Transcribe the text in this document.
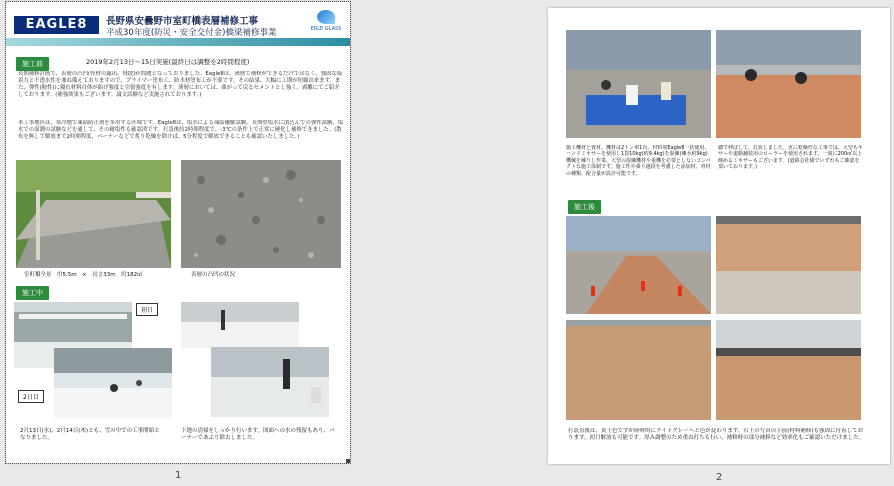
EAGLE8	ERLE GLASS
長野県安曇野市室町橋表層補修工事
平成30年度(防災・安全交付金)橋梁補修事業
施工前	2019年2月13日～15日実施(最終日は調整を2時間程度)
長期補修計画で、表層の凸凹(骨材の露出、飛散)が問題となっておりました。Eagle8は、薄層で補修ができるだけではなく、強固な接着力と不透水性を兼ね備えておりますので、プライマー塗布工、防水材塗布工が不要です。その結果、大幅に工期が短縮出来ます。また、弾性(靭性)に優れ材料自体が曲げ強度と引張強度を有します。薄層においては、曲がって戻るセメントとし強く、剥離にてご紹介しております。(補強効果もございます。論文試験など実施されております。)
本工事地区は、寒冷地で凍結防止剤を多用する区域です。Eagle8は、塩水による凍結融解試験、長期壁塩水に漬込んでの弾性試験、塩水での湿潤の試験などを通して、その耐塩性も確認済です。打設後約2時間程度で、-3℃の条件上で正常に硬化し補修できました。(散布を無して解放まで2時間程度、バーナーなどで炙り乾燥を除けば、5分程度で解放できることも確認いたしました。)
室町橋全景　巾5.5m　×　長さ33m　約182㎡	表層の凸凹の状況
施工中
初日
2日目
2月13日(水)、2月14日(木)とも、雪の中での工事開始となりました。
下地の清掃をしっかり行います。図面への水の残留もあり、バーナーであぶり除去しました。
1
施工機材と資材。機材は2トン車1台。材料別Eagle8一括使用、ハンドミキサーを使用し1袋10kg(約9.4kg)を混練(練水約9kg)機械を練りし作業、大型の混練機材や重機を必要としないコンパクトな施工体制です。施工性や乗り越段を考慮した添加材、骨材の種類、配合量が設計可能です。
細で伸ばして、打設しました。更に乾燥性な工事では、大型もキサーや道路舗装用のローラーを使用されます。一度に200㎡以上締めるミキサーもございます。(道路会社様でいずれもご確認を頂いております。)
施工後
打設直後は、黄土色ですが経時的にライトグレーへと色が変わります。右上の写真の手前(材料補修)も強固に付着しております。初日解放も可能です。厚み調整のため重ね打ちも行い、補修時の部分補修など効率化もご確認いただけました。
2
